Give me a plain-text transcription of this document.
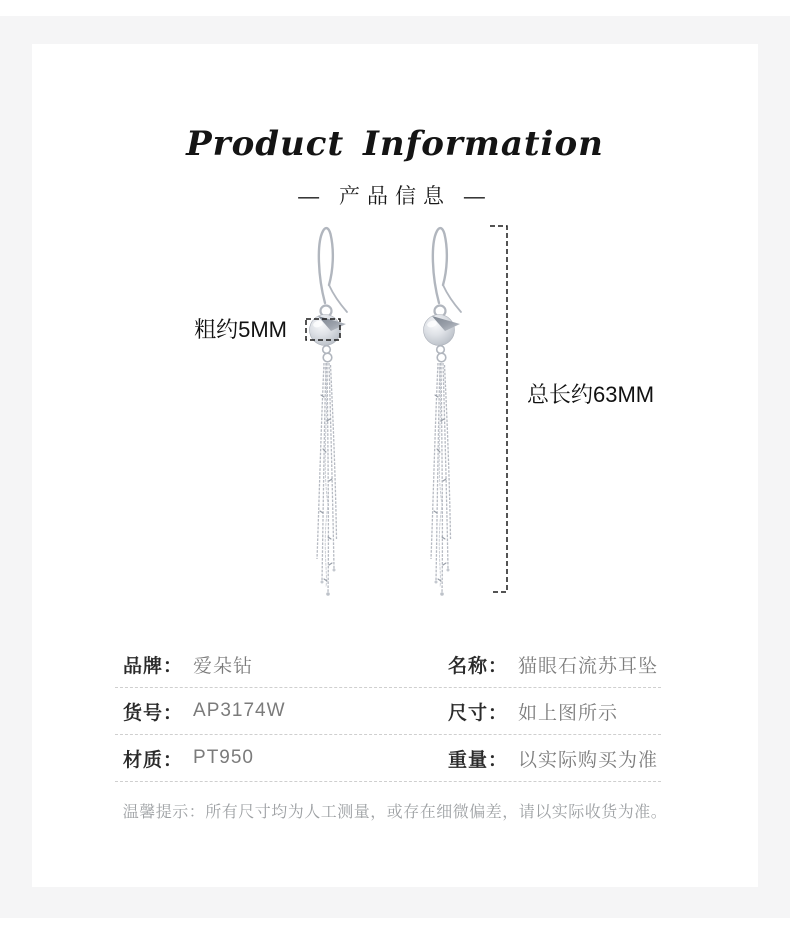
Product Information
— 产品信息 —
粗约5MM
总长约63MM
品牌： 爱朵钻	名称： 猫眼石流苏耳坠
货号： AP3174W	尺寸： 如上图所示
材质： PT950	重量： 以实际购买为准
温馨提示：所有尺寸均为人工测量，或存在细微偏差，请以实际收货为准。
